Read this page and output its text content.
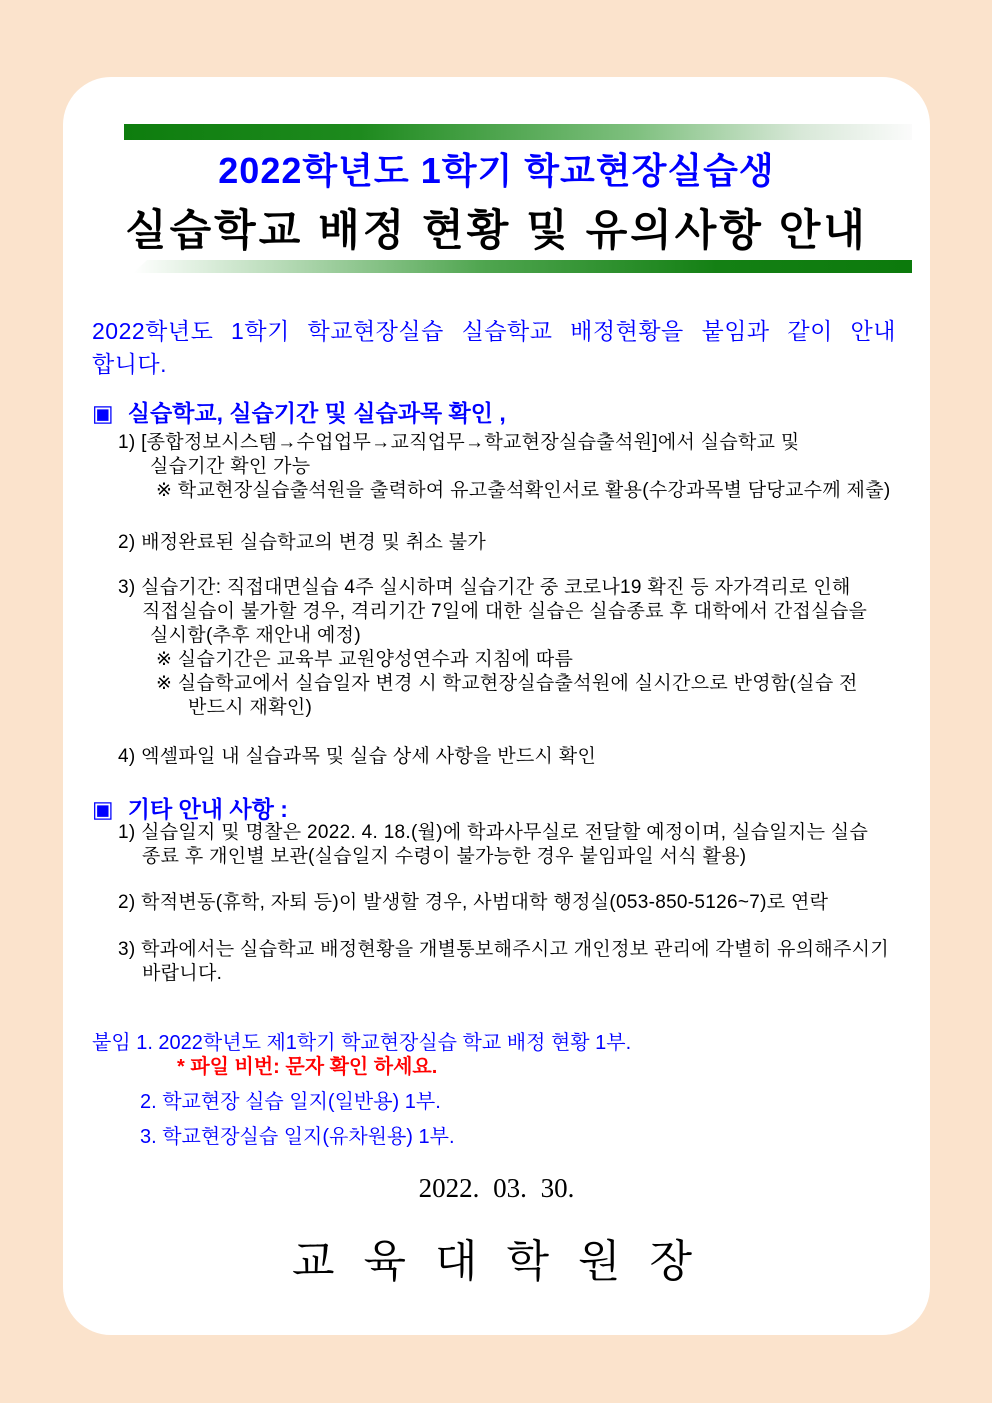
2022학년도 1학기 학교현장실습생
실습학교 배정 현황 및 유의사항 안내
2022학년도 1학기 학교현장실습 실습학교 배정현황을 붙임과 같이 안내
합니다.
▣ 실습학교, 실습기간 및 실습과목 확인 ,
1) [종합정보시스템→수업업무→교직업무→학교현장실습출석원]에서 실습학교 및
실습기간 확인 가능
※ 학교현장실습출석원을 출력하여 유고출석확인서로 활용(수강과목별 담당교수께 제출)
2) 배정완료된 실습학교의 변경 및 취소 불가
3) 실습기간: 직접대면실습 4주 실시하며 실습기간 중 코로나19 확진 등 자가격리로 인해
직접실습이 불가할 경우, 격리기간 7일에 대한 실습은 실습종료 후 대학에서 간접실습을
실시함(추후 재안내 예정)
※ 실습기간은 교육부 교원양성연수과 지침에 따름
※ 실습학교에서 실습일자 변경 시 학교현장실습출석원에 실시간으로 반영함(실습 전
반드시 재확인)
4) 엑셀파일 내 실습과목 및 실습 상세 사항을 반드시 확인
▣ 기타 안내 사항 :
1) 실습일지 및 명찰은 2022. 4. 18.(월)에 학과사무실로 전달할 예정이며, 실습일지는 실습
종료 후 개인별 보관(실습일지 수령이 불가능한 경우 붙임파일 서식 활용)
2) 학적변동(휴학, 자퇴 등)이 발생할 경우, 사범대학 행정실(053-850-5126~7)로 연락
3) 학과에서는 실습학교 배정현황을 개별통보해주시고 개인정보 관리에 각별히 유의해주시기
바랍니다.
붙임 1. 2022학년도 제1학기 학교현장실습 학교 배정 현황 1부.
* 파일 비번: 문자 확인 하세요.
2. 학교현장 실습 일지(일반용) 1부.
3. 학교현장실습 일지(유차원용) 1부.
2022. 03. 30.
교 육 대 학 원 장
